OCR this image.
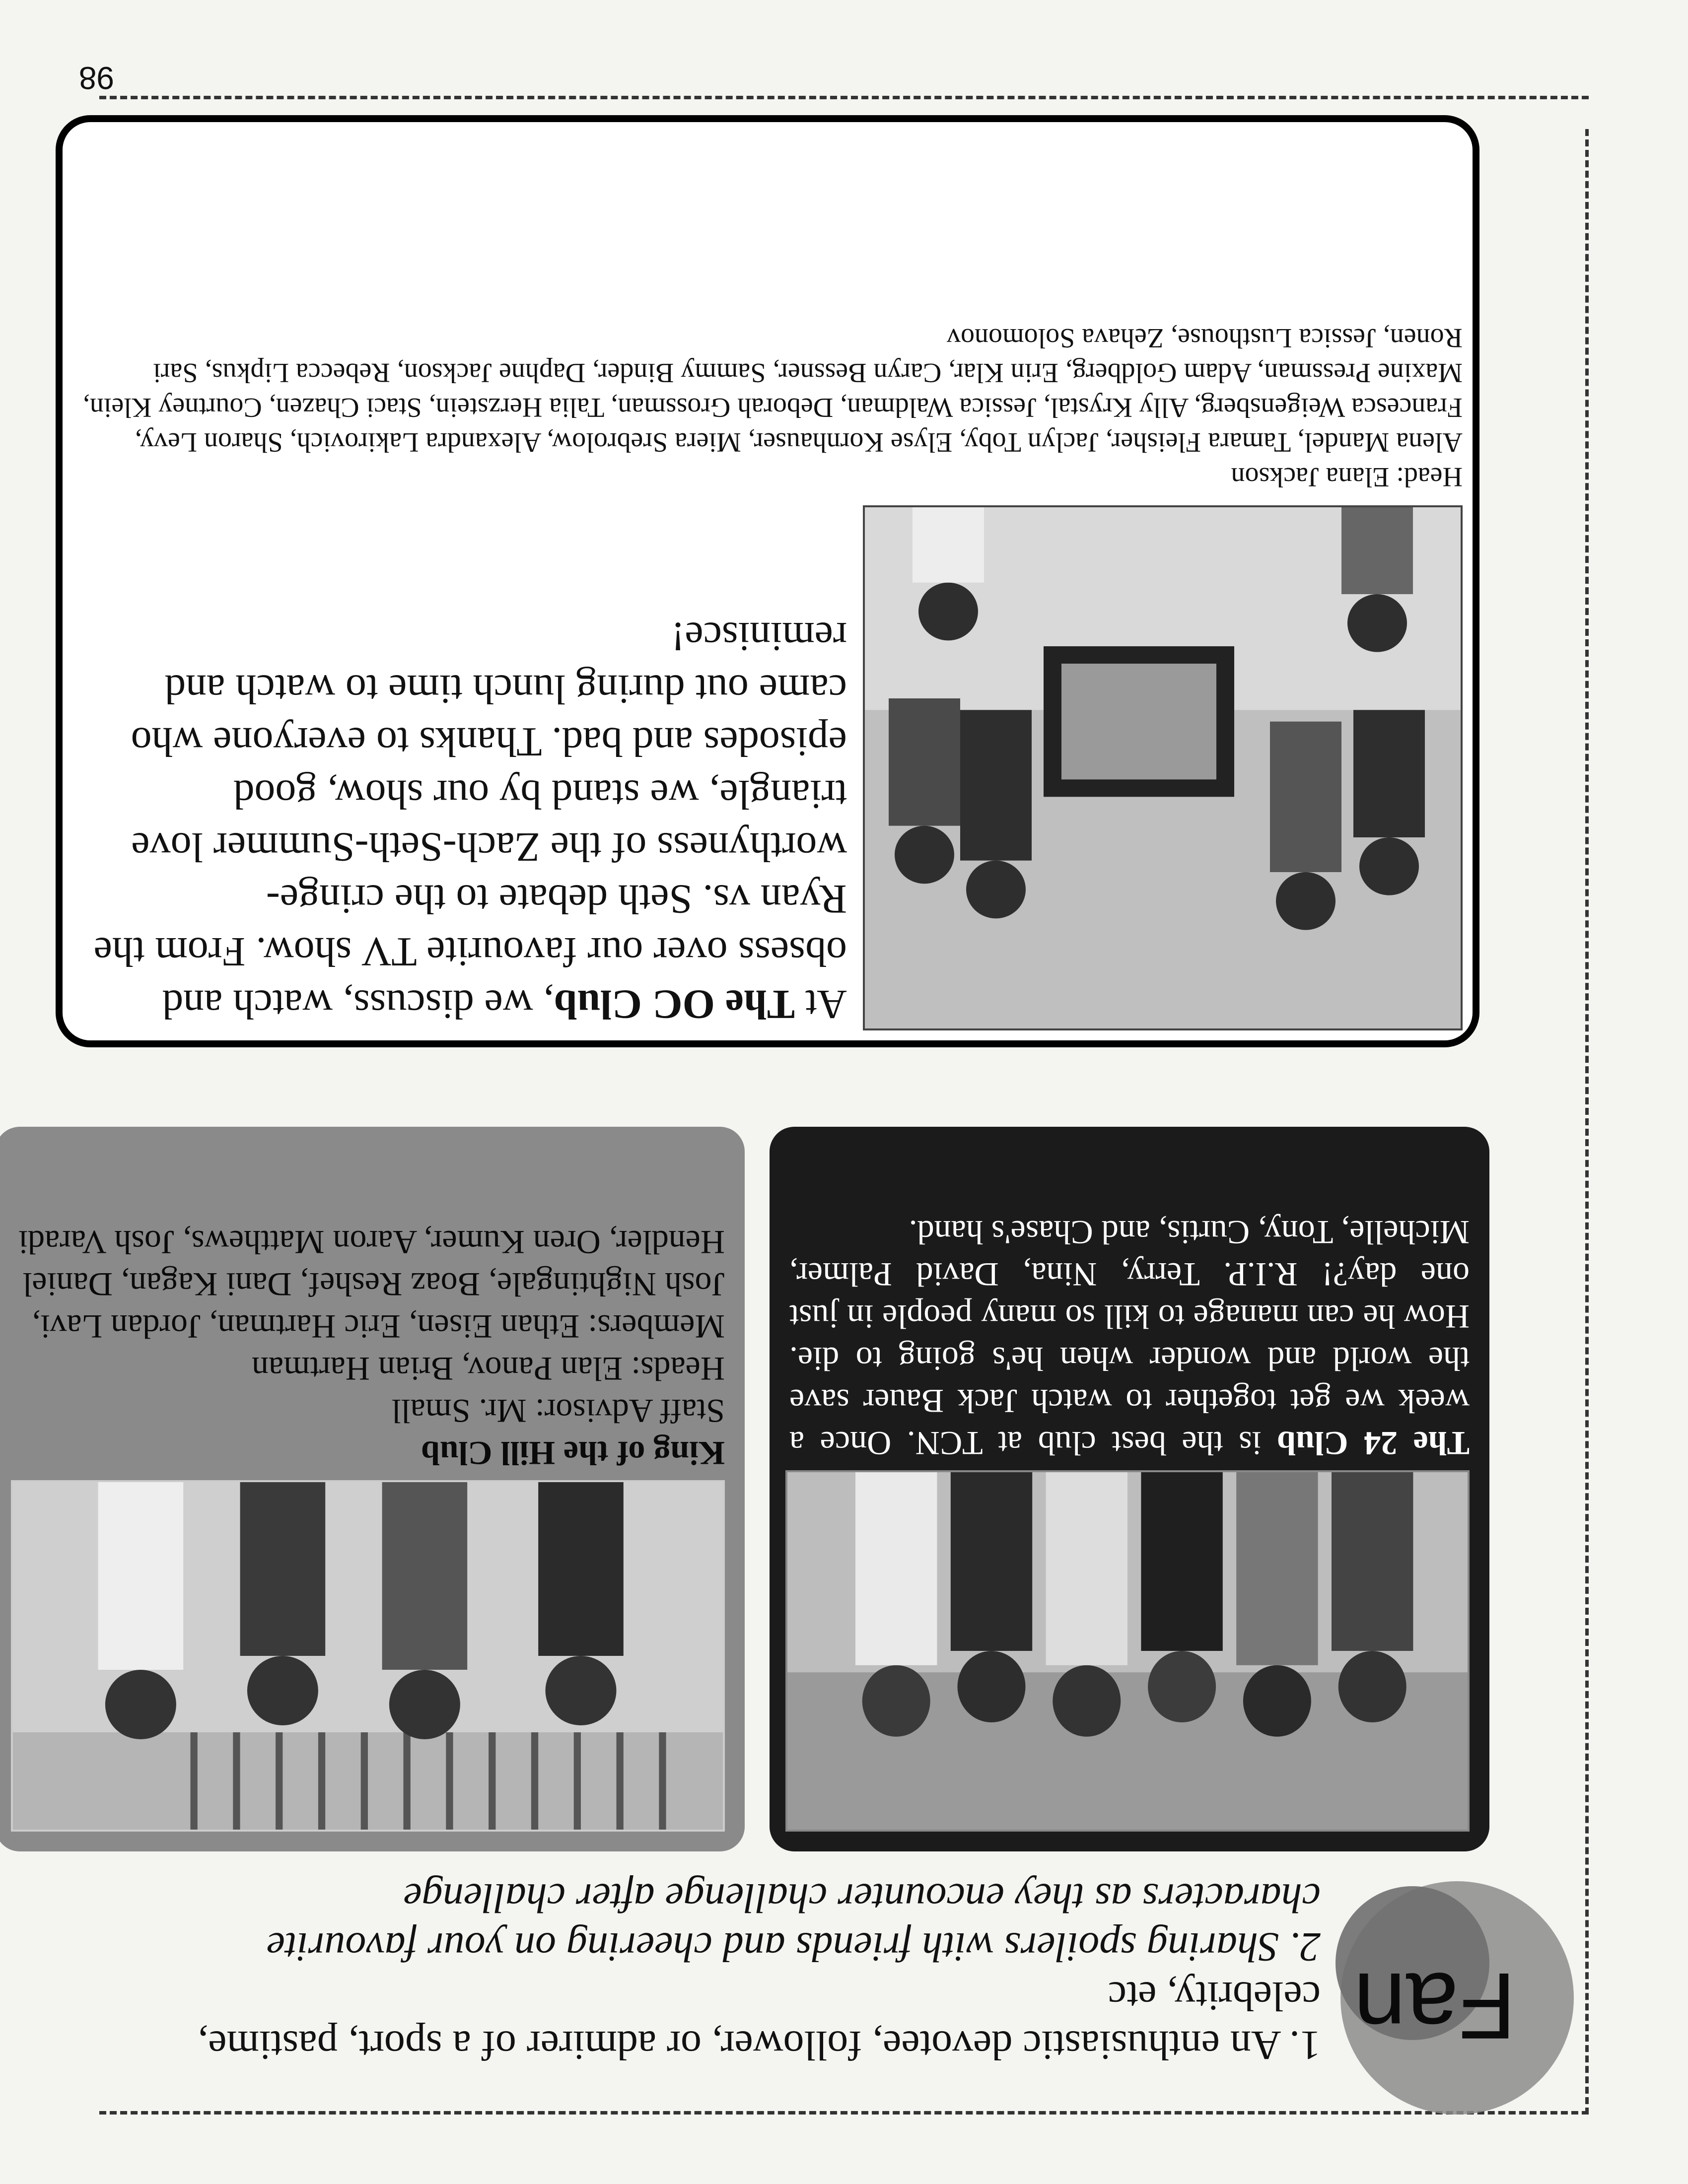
98
Fan
1. An enthusiastic devotee, follower, or admirer of a sport, pastime, celebrity, etc
2. Sharing spoilers with friends and cheering on your favourite characters as they encounter challenge after challenge
King of the Hill Club
Staff Advisor: Mr. Small
Heads: Elan Panov, Brian Hartman
Members: Ethan Eisen, Eric Hartman, Jordan Lavi, Josh Nightingale, Boaz Reshef, Dani Kagan, Daniel Hendler, Oren Kumer, Aaron Matthews, Josh Varadi
The 24 Club is the best club at TCN. Once a week we get together to watch Jack Bauer save the world and wonder when he's going to die. How he can manage to kill so many people in just one day?! R.I.P. Terry, Nina, David Palmer, Michelle, Tony, Curtis, and Chase's hand.
At The OC Club, we discuss, watch and obsess over our favourite TV show. From the Ryan vs. Seth debate to the cringe-worthyness of the Zach-Seth-Summer love triangle, we stand by our show, good episodes and bad. Thanks to everyone who came out during lunch time to watch and reminisce!
Head: Elana Jackson
Alena Mandel, Tamara Fleisher, Jaclyn Toby, Elyse Kornhauser, Miera Srebrolow, Alexandra Lakirovich, Sharon Levy, Francesca Weigensberg, Ally Krystal, Jessica Waldman, Deborah Grossman, Talia Herzstein, Staci Chazen, Courtney Klein, Maxine Pressman, Adam Goldberg, Erin Klar, Caryn Bessner, Sammy Binder, Daphne Jackson, Rebecca Lipkus, Sari Ronen, Jessica Lusthouse, Zehava Solomonov
